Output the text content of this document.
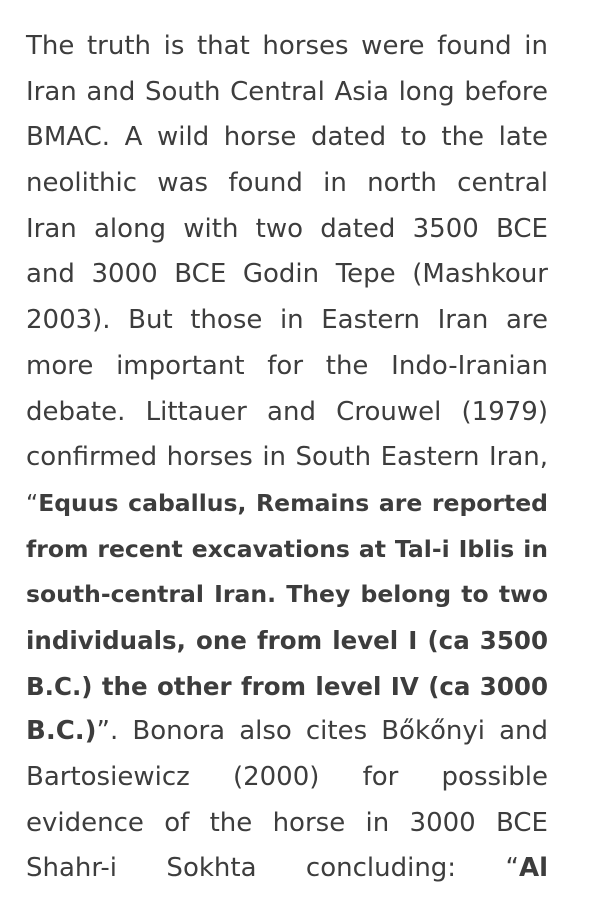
The truth is that horses were found in
Iran and South Central Asia long before
BMAC. A wild horse dated to the late
neolithic was found in north central
Iran along with two dated 3500 BCE
and 3000 BCE Godin Tepe (Mashkour
2003). But those in Eastern Iran are
more important for the Indo-Iranian
debate. Littauer and Crouwel (1979)
confirmed horses in South Eastern Iran,
“Equus caballus, Remains are reported
from recent excavations at Tal-i Iblis in
south-central Iran. They belong to two
individuals, one from level I (ca 3500
B.C.) the other from level IV (ca 3000
B.C.)”. Bonora also cites Bőkőnyi and
Bartosiewicz (2000) for possible
evidence of the horse in 3000 BCE
Shahr-i Sokhta concluding: “Al
